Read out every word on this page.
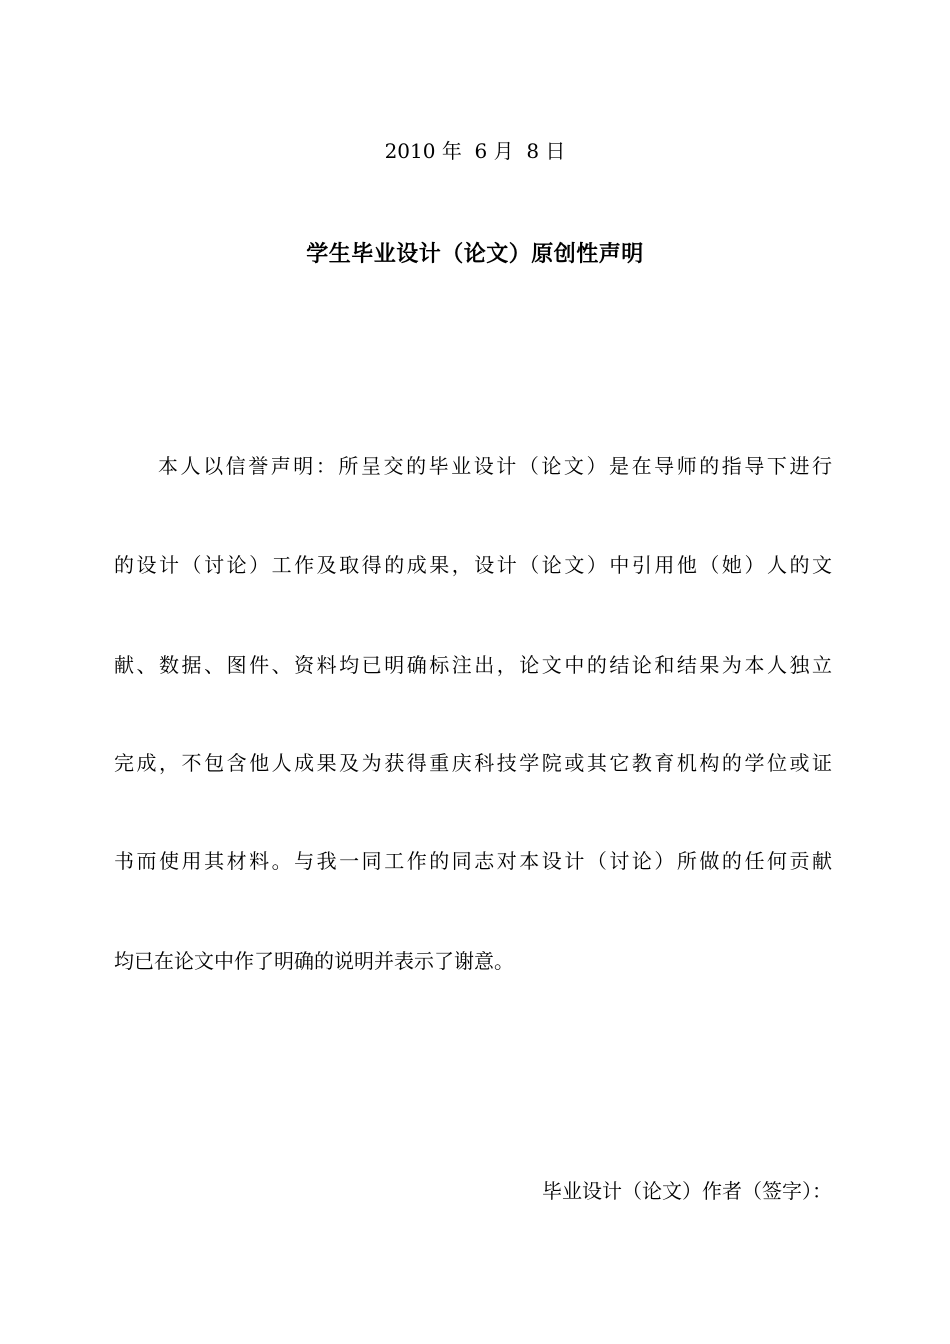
2010 年  6 月  8 日
学生毕业设计（论文）原创性声明
本人以信誉声明：所呈交的毕业设计（论文）是在导师的指导下进行
的设计（讨论）工作及取得的成果，设计（论文）中引用他（她）人的文
献、数据、图件、资料均已明确标注出，论文中的结论和结果为本人独立
完成，不包含他人成果及为获得重庆科技学院或其它教育机构的学位或证
书而使用其材料。与我一同工作的同志对本设计（讨论）所做的任何贡献
均已在论文中作了明确的说明并表示了谢意。
毕业设计（论文）作者（签字）：
